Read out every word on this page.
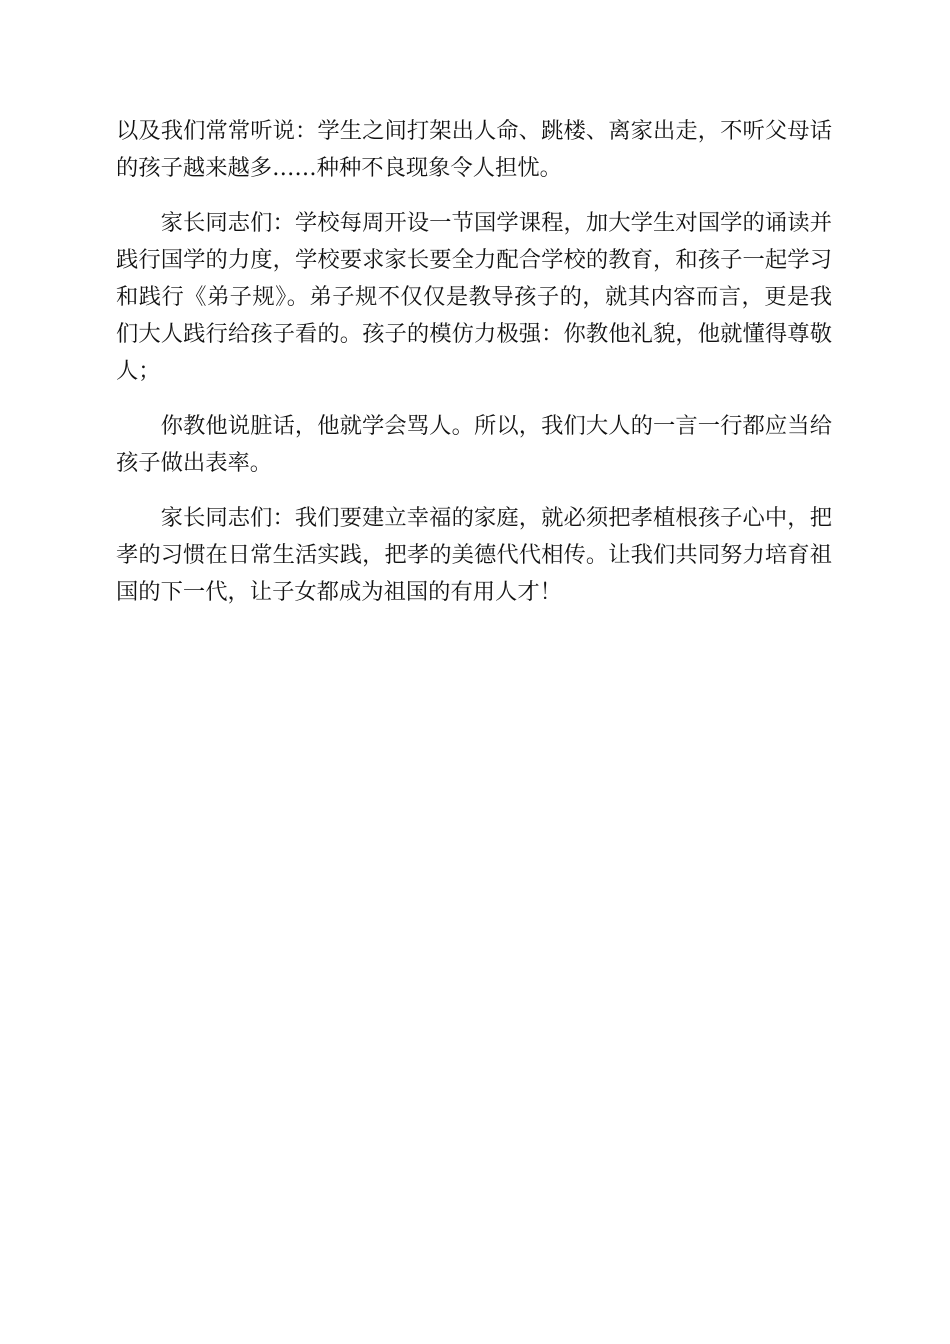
以及我们常常听说：学生之间打架出人命、跳楼、离家出走，不听父母话的孩子越来越多……种种不良现象令人担忧。

家长同志们：学校每周开设一节国学课程，加大学生对国学的诵读并践行国学的力度，学校要求家长要全力配合学校的教育，和孩子一起学习和践行《弟子规》。弟子规不仅仅是教导孩子的，就其内容而言，更是我们大人践行给孩子看的。孩子的模仿力极强：你教他礼貌，他就懂得尊敬人；

你教他说脏话，他就学会骂人。所以，我们大人的一言一行都应当给孩子做出表率。

家长同志们：我们要建立幸福的家庭，就必须把孝植根孩子心中，把孝的习惯在日常生活实践，把孝的美德代代相传。让我们共同努力培育祖国的下一代，让子女都成为祖国的有用人才！
